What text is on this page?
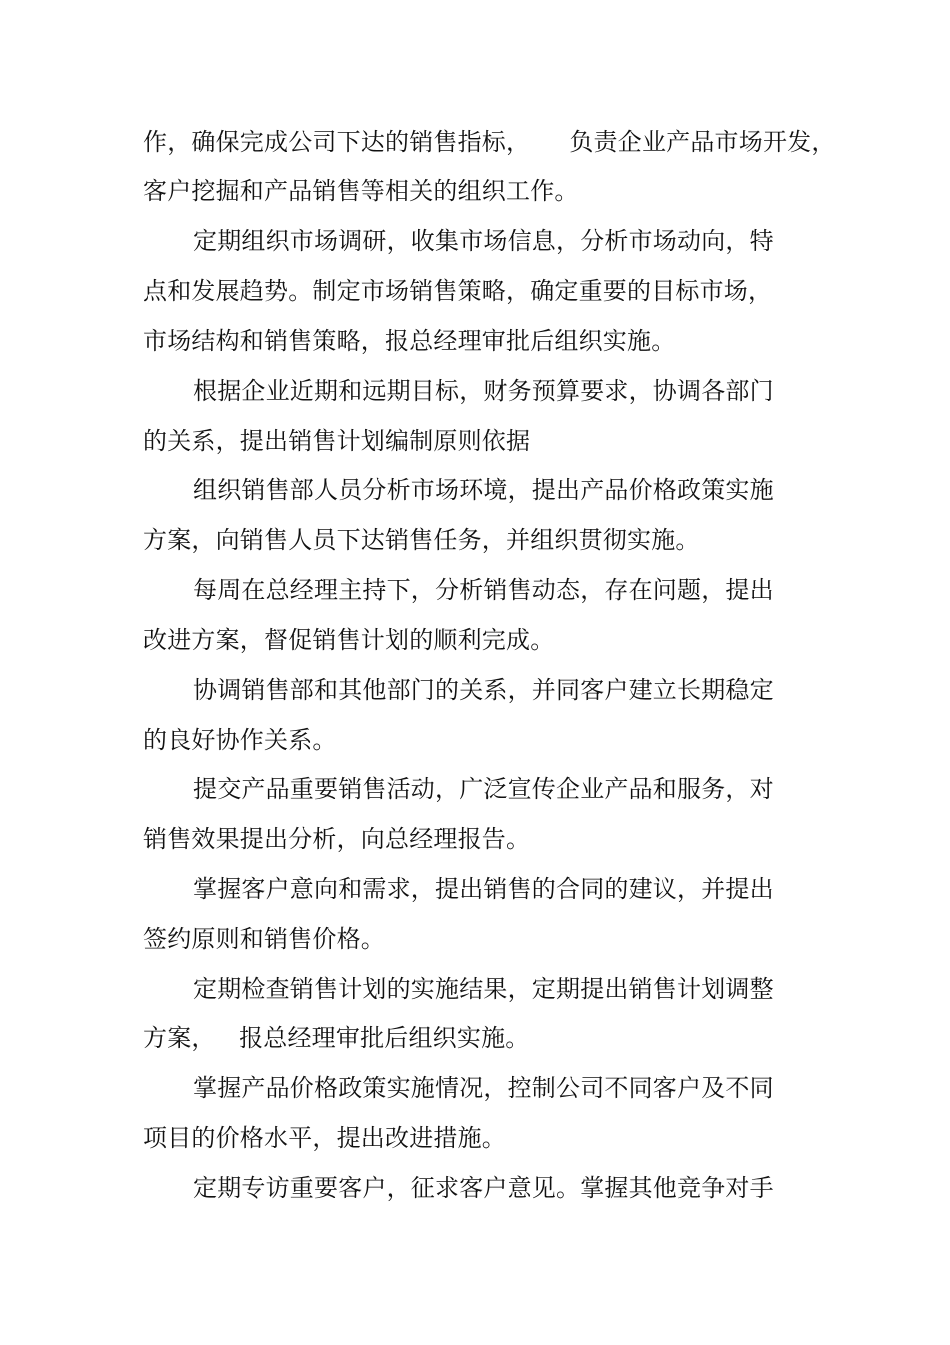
作，确保完成公司下达的销售指标，     负责企业产品市场开发，
客户挖掘和产品销售等相关的组织工作。
定期组织市场调研，收集市场信息，分析市场动向，特
点和发展趋势。制定市场销售策略，确定重要的目标市场，
市场结构和销售策略，报总经理审批后组织实施。
根据企业近期和远期目标，财务预算要求，协调各部门
的关系，提出销售计划编制原则依据
组织销售部人员分析市场环境，提出产品价格政策实施
方案，向销售人员下达销售任务，并组织贯彻实施。
每周在总经理主持下，分析销售动态，存在问题，提出
改进方案，督促销售计划的顺利完成。
协调销售部和其他部门的关系，并同客户建立长期稳定
的良好协作关系。
提交产品重要销售活动，广泛宣传企业产品和服务，对
销售效果提出分析，向总经理报告。
掌握客户意向和需求，提出销售的合同的建议，并提出
签约原则和销售价格。
定期检查销售计划的实施结果，定期提出销售计划调整
方案，   报总经理审批后组织实施。
掌握产品价格政策实施情况，控制公司不同客户及不同
项目的价格水平，提出改进措施。
定期专访重要客户，征求客户意见。掌握其他竞争对手
